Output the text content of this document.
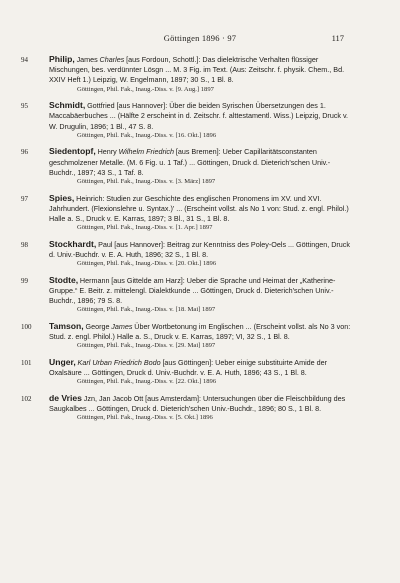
Göttingen 1896 · 97	117
94	Philip, James Charles [aus Fordoun, Schottl.]: Das dielektrische Verhalten flüssiger Mischungen, bes. verdünnter Lösgn ... M. 3 Fig. im Text. (Aus: Zeitschr. f. physik. Chem., Bd. XXIV Heft 1.) Leipzig, W. Engelmann, 1897; 30 S., 1 Bl. 8.
Göttingen, Phil. Fak., Inaug.-Diss. v. [9. Aug.] 1897
95	Schmidt, Gottfried [aus Hannover]: Über die beiden Syrischen Übersetzungen des 1. Maccabäerbuches ... (Hälfte 2 erscheint in d. Zeitschr. f. alttestamentl. Wiss.) Leipzig, Druck v. W. Drugulin, 1896; 1 Bl., 47 S. 8.
Göttingen, Phil. Fak., Inaug.-Diss. v. [16. Okt.] 1896
96	Siedentopf, Henry Wilhelm Friedrich [aus Bremen]: Ueber Capillaritätsconstanten geschmolzener Metalle. (M. 6 Fig. u. 1 Taf.) ... Göttingen, Druck d. Dieterich'schen Univ.-Buchdr., 1897; 43 S., 1 Taf. 8.
Göttingen, Phil. Fak., Inaug.-Diss. v. [3. März] 1897
97	Spies, Heinrich: Studien zur Geschichte des englischen Pronomens im XV. und XVI. Jahrhundert. (Flexionslehre u. Syntax.)' ... (Erscheint vollst. als No 1 von: Stud. z. engl. Philol.) Halle a. S., Druck v. E. Karras, 1897; 3 Bl., 31 S., 1 Bl. 8.
Göttingen, Phil. Fak., Inaug.-Diss. v. [1. Apr.] 1897
98	Stockhardt, Paul [aus Hannover]: Beitrag zur Kenntniss des Poley-Oels ... Göttingen, Druck d. Univ.-Buchdr. v. E. A. Huth, 1896; 32 S., 1 Bl. 8.
Göttingen, Phil. Fak., Inaug.-Diss. v. [20. Okt.] 1896
99	Stodte, Hermann [aus Gittelde am Harz]: Ueber die Sprache und Heimat der „Katherine-Gruppe.“ E. Beitr. z. mittelengl. Dialektkunde ... Göttingen, Druck d. Dieterich'schen Univ.-Buchdr., 1896; 79 S. 8.
Göttingen, Phil. Fak., Inaug.-Diss. v. [18. Mai] 1897
100	Tamson, George James Über Wortbetonung im Englischen ... (Erscheint vollst. als No 3 von: Stud. z. engl. Philol.) Halle a. S., Druck v. E. Karras, 1897; VI, 32 S., 1 Bl. 8.
Göttingen, Phil. Fak., Inaug.-Diss. v. [29. Mai] 1897
101	Unger, Karl Urban Friedrich Bodo [aus Göttingen]: Ueber einige substituirte Amide der Oxalsäure ... Göttingen, Druck d. Univ.-Buchdr. v. E. A. Huth, 1896; 43 S., 1 Bl. 8.
Göttingen, Phil. Fak., Inaug.-Diss. v. [22. Okt.] 1896
102	de Vries Jzn, Jan Jacob Ott [aus Amsterdam]: Untersuchungen über die Fleischbildung des Saugkalbes ... Göttingen, Druck d. Dieterich'schen Univ.-Buchdr., 1896; 80 S., 1 Bl. 8.
Göttingen, Phil. Fak., Inaug.-Diss. v. [5. Okt.] 1896
